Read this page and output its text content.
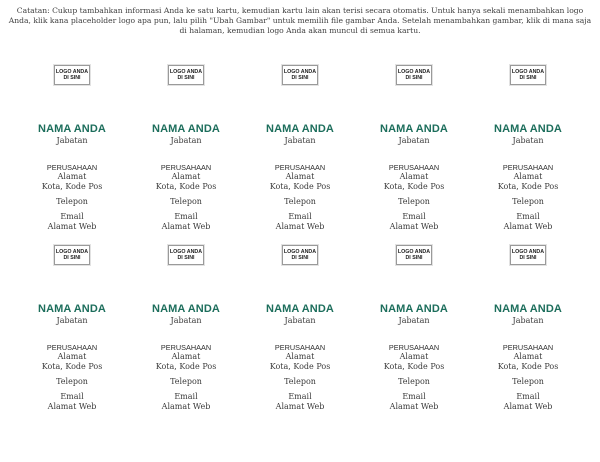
Catatan: Cukup tambahkan informasi Anda ke satu kartu, kemudian kartu lain akan terisi secara otomatis. Untuk hanya sekali menambahkan logo Anda, klik kana placeholder logo apa pun, lalu pilih "Ubah Gambar" untuk memilih file gambar Anda. Setelah menambahkan gambar, klik di mana saja di halaman, kemudian logo Anda akan muncul di semua kartu.
LOGO ANDA
DI SINI
NAMA ANDA
Jabatan
PERUSAHAAN
Alamat
Kota, Kode Pos
Telepon
Email
Alamat Web
LOGO ANDA
DI SINI
NAMA ANDA
Jabatan
PERUSAHAAN
Alamat
Kota, Kode Pos
Telepon
Email
Alamat Web
LOGO ANDA
DI SINI
NAMA ANDA
Jabatan
PERUSAHAAN
Alamat
Kota, Kode Pos
Telepon
Email
Alamat Web
LOGO ANDA
DI SINI
NAMA ANDA
Jabatan
PERUSAHAAN
Alamat
Kota, Kode Pos
Telepon
Email
Alamat Web
LOGO ANDA
DI SINI
NAMA ANDA
Jabatan
PERUSAHAAN
Alamat
Kota, Kode Pos
Telepon
Email
Alamat Web
LOGO ANDA
DI SINI
NAMA ANDA
Jabatan
PERUSAHAAN
Alamat
Kota, Kode Pos
Telepon
Email
Alamat Web
LOGO ANDA
DI SINI
NAMA ANDA
Jabatan
PERUSAHAAN
Alamat
Kota, Kode Pos
Telepon
Email
Alamat Web
LOGO ANDA
DI SINI
NAMA ANDA
Jabatan
PERUSAHAAN
Alamat
Kota, Kode Pos
Telepon
Email
Alamat Web
LOGO ANDA
DI SINI
NAMA ANDA
Jabatan
PERUSAHAAN
Alamat
Kota, Kode Pos
Telepon
Email
Alamat Web
LOGO ANDA
DI SINI
NAMA ANDA
Jabatan
PERUSAHAAN
Alamat
Kota, Kode Pos
Telepon
Email
Alamat Web
